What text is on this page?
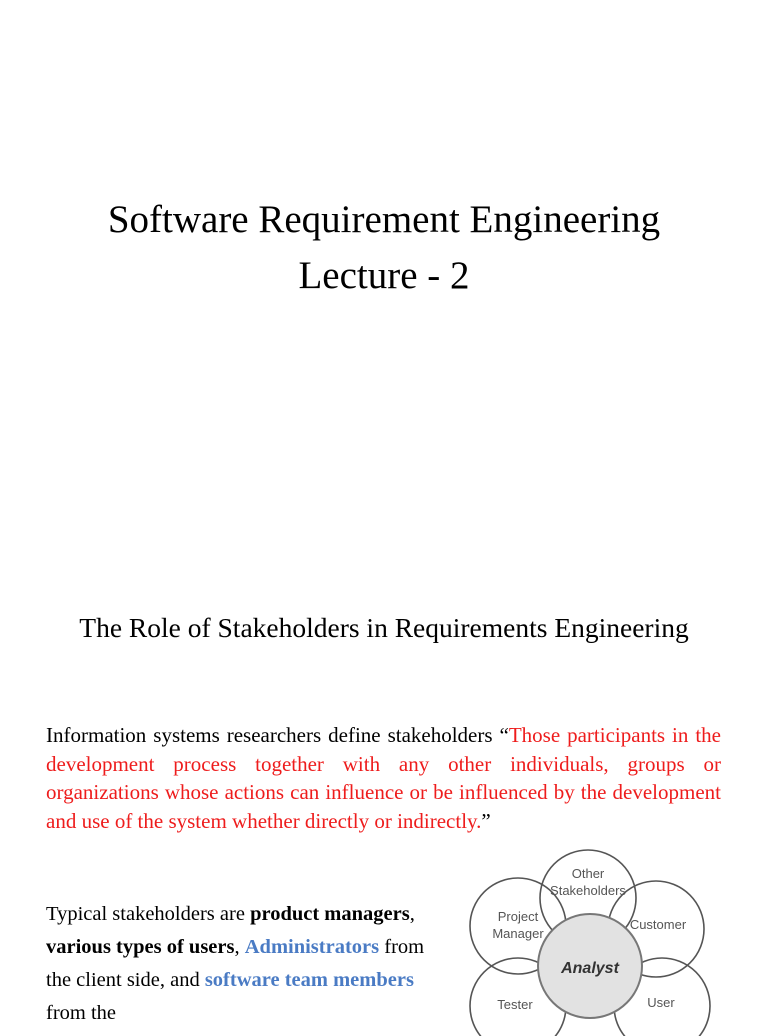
Software Requirement Engineering
Lecture - 2
The Role of Stakeholders in Requirements Engineering
Information systems researchers define stakeholders “Those participants in the development process together with any other individuals, groups or organizations whose actions can influence or be influenced by the development and use of the system whether directly or indirectly.”
Typical stakeholders are product managers, various types of users, Administrators from the client side, and software team members from the
Analyst
Other
Stakeholders
Customer
User
Tester
Project
Manager
